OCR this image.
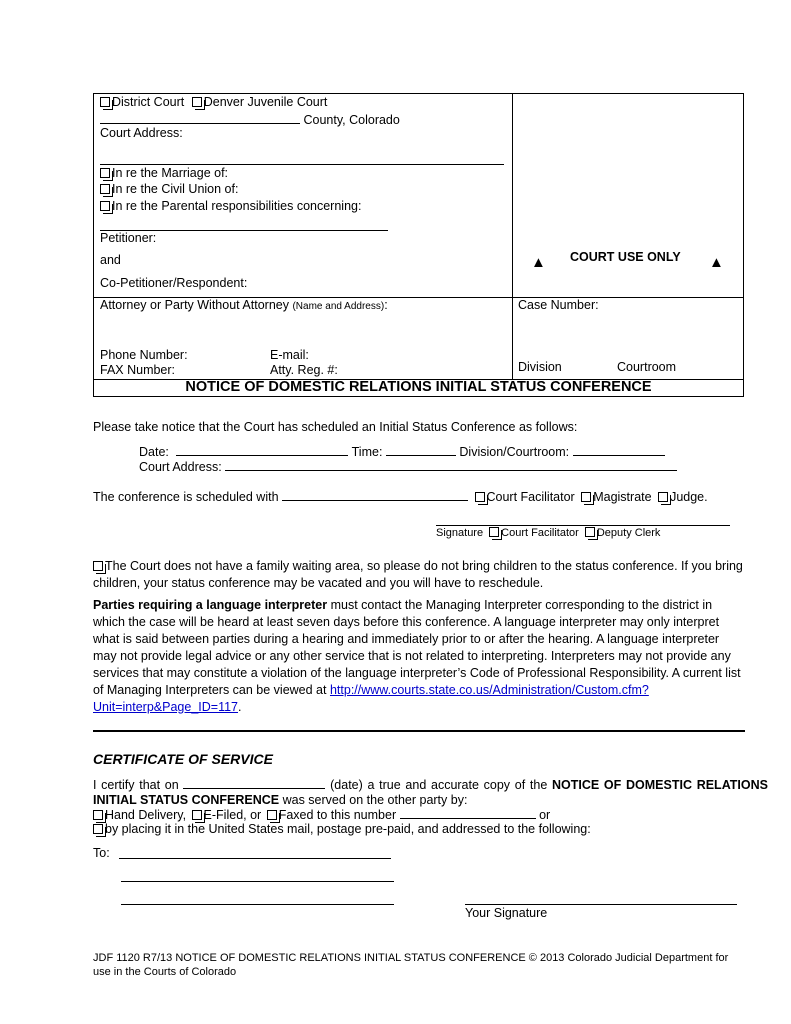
District Court Denver Juvenile Court
County, Colorado
Court Address:
In re the Marriage of:
In re the Civil Union of:
In re the Parental responsibilities concerning:
Petitioner:
and
Co-Petitioner/Respondent:
▲ COURT USE ONLY ▲
Attorney or Party Without Attorney (Name and Address):	Case Number:
Phone Number:	E-mail:
FAX Number:	Atty. Reg. #:	Division	Courtroom
NOTICE OF DOMESTIC RELATIONS INITIAL STATUS CONFERENCE
Please take notice that the Court has scheduled an Initial Status Conference as follows:
Date:	Time:	Division/Courtroom:
Court Address:
The conference is scheduled with	Court Facilitator Magistrate Judge.
Signature Court Facilitator Deputy Clerk
The Court does not have a family waiting area, so please do not bring children to the status conference. If you bring children, your status conference may be vacated and you will have to reschedule.
Parties requiring a language interpreter must contact the Managing Interpreter corresponding to the district in which the case will be heard at least seven days before this conference. A language interpreter may only interpret what is said between parties during a hearing and immediately prior to or after the hearing. A language interpreter may not provide legal advice or any other service that is not related to interpreting. Interpreters may not provide any services that may constitute a violation of the language interpreter’s Code of Professional Responsibility. A current list of Managing Interpreters can be viewed at http://www.courts.state.co.us/Administration/Custom.cfm?Unit=interp&Page_ID=117.
CERTIFICATE OF SERVICE
I certify that on	(date) a true and accurate copy of the NOTICE OF DOMESTIC RELATIONS INITIAL STATUS CONFERENCE was served on the other party by:
Hand Delivery, E-Filed, or Faxed to this number	or
by placing it in the United States mail, postage pre-paid, and addressed to the following:
To:
Your Signature
JDF 1120 R7/13 NOTICE OF DOMESTIC RELATIONS INITIAL STATUS CONFERENCE © 2013 Colorado Judicial Department for use in the Courts of Colorado
